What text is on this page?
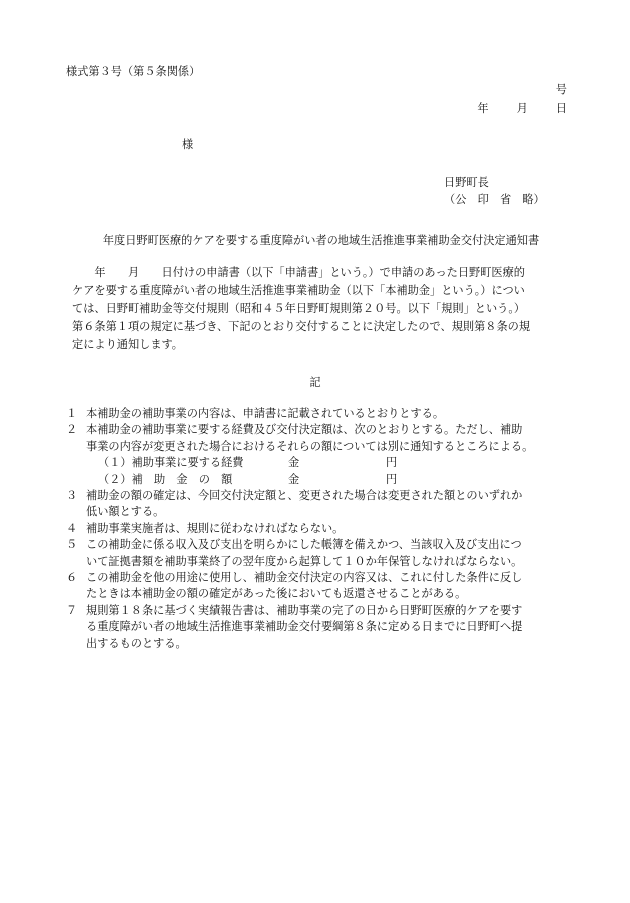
様式第３号（第５条関係）
号
年	月	日
様
日野町長
（公　印　省　略）
年度日野町医療的ケアを要する重度障がい者の地域生活推進事業補助金交付決定通知書
　　年　　月　　日付けの申請書（以下「申請書」という。）で申請のあった日野町医療的
ケアを要する重度障がい者の地域生活推進事業補助金（以下「本補助金」という。）につい
ては、日野町補助金等交付規則（昭和４５年日野町規則第２０号。以下「規則」という。）
第６条第１項の規定に基づき、下記のとおり交付することに決定したので、規則第８条の規
定により通知します。
記
１ 本補助金の補助事業の内容は、申請書に記載されているとおりとする。
２ 本補助金の補助事業に要する経費及び交付決定額は、次のとおりとする。ただし、補助
事業の内容が変更された場合におけるそれらの額については別に通知するところによる。
（１）補助事業に要する経費	金	円
（２）補　助　金　の　額	金	円
３ 補助金の額の確定は、今回交付決定額と、変更された場合は変更された額とのいずれか
低い額とする。
４ 補助事業実施者は、規則に従わなければならない。
５ この補助金に係る収入及び支出を明らかにした帳簿を備えかつ、当該収入及び支出につ
いて証拠書類を補助事業終了の翌年度から起算して１０か年保管しなければならない。
６ この補助金を他の用途に使用し、補助金交付決定の内容又は、これに付した条件に反し
たときは本補助金の額の確定があった後においても返還させることがある。
７ 規則第１８条に基づく実績報告書は、補助事業の完了の日から日野町医療的ケアを要す
る重度障がい者の地域生活推進事業補助金交付要綱第８条に定める日までに日野町へ提
出するものとする。
